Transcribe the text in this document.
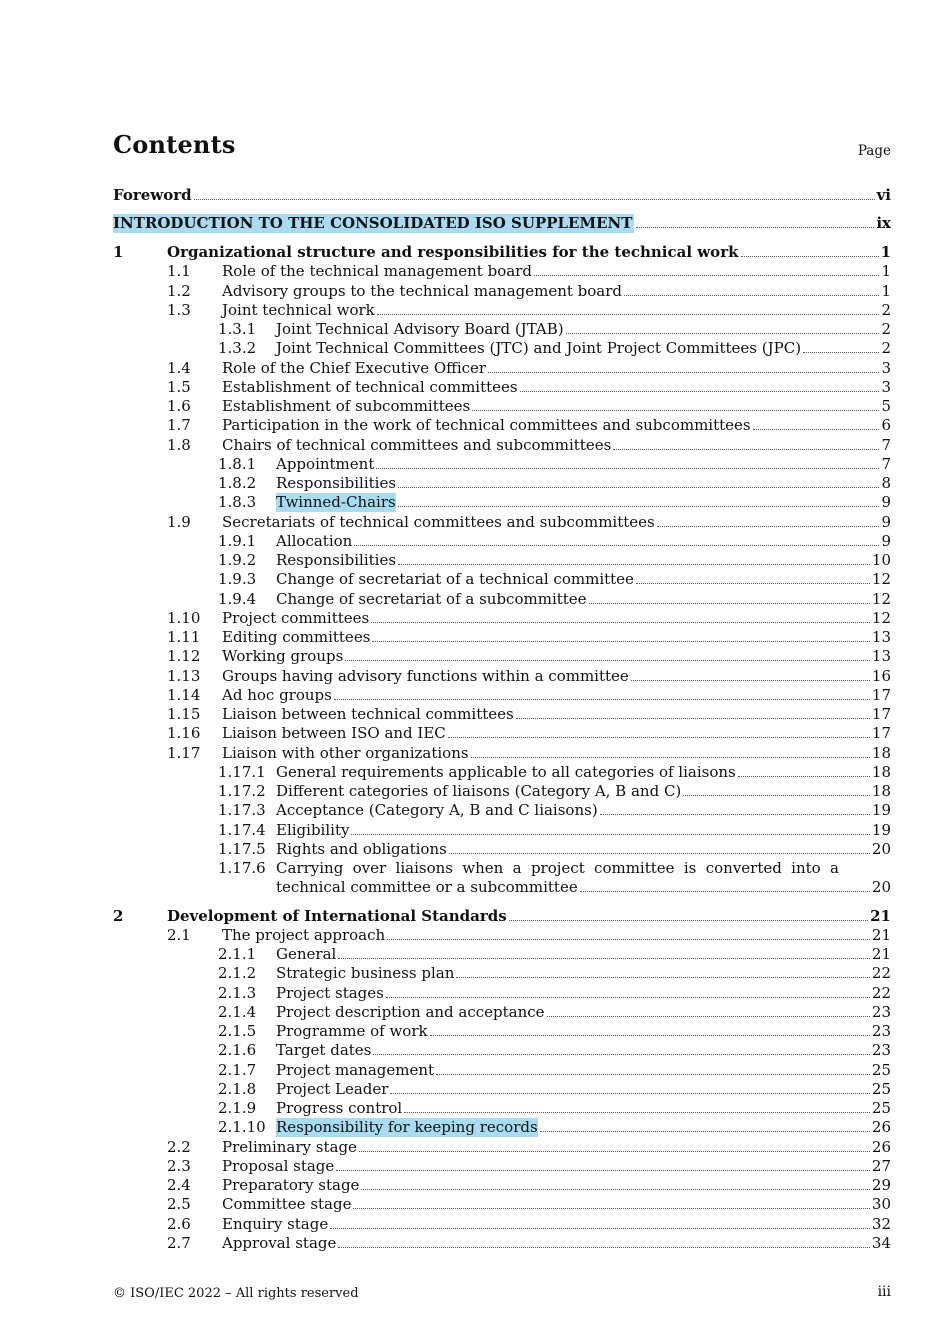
Contents	Page
Foreword	vi
INTRODUCTION TO THE CONSOLIDATED ISO SUPPLEMENT	ix
1	Organizational structure and responsibilities for the technical work	1
1.1	Role of the technical management board	1
1.2	Advisory groups to the technical management board	1
1.3	Joint technical work	2
1.3.1	Joint Technical Advisory Board (JTAB)	2
1.3.2	Joint Technical Committees (JTC) and Joint Project Committees (JPC)	2
1.4	Role of the Chief Executive Officer	3
1.5	Establishment of technical committees	3
1.6	Establishment of subcommittees	5
1.7	Participation in the work of technical committees and subcommittees	6
1.8	Chairs of technical committees and subcommittees	7
1.8.1	Appointment	7
1.8.2	Responsibilities	8
1.8.3	Twinned-Chairs	9
1.9	Secretariats of technical committees and subcommittees	9
1.9.1	Allocation	9
1.9.2	Responsibilities	10
1.9.3	Change of secretariat of a technical committee	12
1.9.4	Change of secretariat of a subcommittee	12
1.10	Project committees	12
1.11	Editing committees	13
1.12	Working groups	13
1.13	Groups having advisory functions within a committee	16
1.14	Ad hoc groups	17
1.15	Liaison between technical committees	17
1.16	Liaison between ISO and IEC	17
1.17	Liaison with other organizations	18
1.17.1 General requirements applicable to all categories of liaisons	18
1.17.2 Different categories of liaisons (Category A, B and C)	18
1.17.3 Acceptance (Category A, B and C liaisons)	19
1.17.4 Eligibility	19
1.17.5 Rights and obligations	20
1.17.6 Carrying over liaisons when a project committee is converted into a
technical committee or a subcommittee	20
2	Development of International Standards	21
2.1	The project approach	21
2.1.1	General	21
2.1.2	Strategic business plan	22
2.1.3	Project stages	22
2.1.4	Project description and acceptance	23
2.1.5	Programme of work	23
2.1.6	Target dates	23
2.1.7	Project management	25
2.1.8	Project Leader	25
2.1.9	Progress control	25
2.1.10 Responsibility for keeping records	26
2.2	Preliminary stage	26
2.3	Proposal stage	27
2.4	Preparatory stage	29
2.5	Committee stage	30
2.6	Enquiry stage	32
2.7	Approval stage	34
© ISO/IEC 2022 – All rights reserved	iii
